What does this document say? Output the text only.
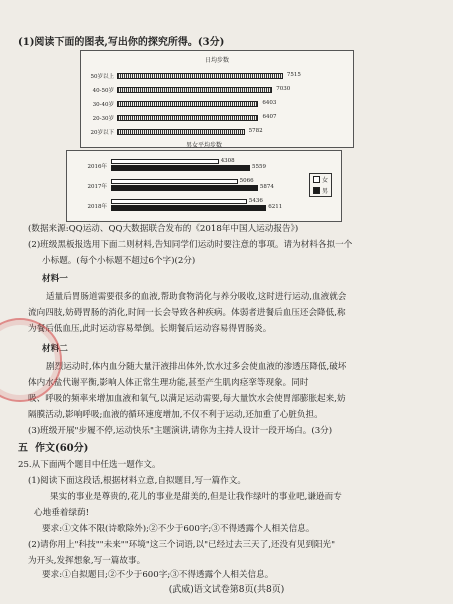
(1)阅读下面的图表,写出你的探究所得。(3分)
日均步数
50岁以上	7515
40-50岁	7030
30-40岁	6403
20-30岁	6407
20岁以下	5782
男女平均步数
2016年
4308
5559
2017年
5066
5874
2018年
5436
6211
女
男
(数据来源:QQ运动、QQ大数据联合发布的《2018年中国人运动报告》)
(2)班级黑板报选用下面二则材料,告知同学们运动时要注意的事项。请为材料各拟一个
小标题。(每个小标题不超过6个字)(2分)
材料一
适量后胃肠道需要很多的血液,帮助食物消化与养分吸收,这时进行运动,血液就会
流向四肢,妨碍胃肠的消化,时间一长会导致各种疾病。体弱者进餐后血压还会降低,称
为餐后低血压,此时运动容易晕倒。长期餐后运动容易得胃肠炎。
材料二
剧烈运动时,体内血分随大量汗液排出体外,饮水过多会使血液的渗透压降低,破坏
体内水盐代谢平衡,影响人体正常生理功能,甚至产生肌肉痉挛等现象。同时
吸、呼吸的频率来增加血液和氧气,以满足运动需要,每大量饮水会使胃部膨胀起来,妨
隔膜活动,影响呼吸;血液的循环速度增加,不仅不利于运动,还加重了心脏负担。
(3)班级开展"步履不停,运动快乐"主题演讲,请你为主持人设计一段开场白。(3分)
五 作文(60分)
25.从下面两个题目中任选一题作文。
(1)阅读下面这段话,根据材料立意,自拟题目,写一篇作文。
果实的事业是尊贵的,花儿的事业是甜美的,但是让我作绿叶的事业吧,谦逊而专
心地垂着绿荫!
要求:①文体不限(诗歌除外);②不少于600字;③不得透露个人相关信息。
(2)请你用上"科技""未来""环境"这三个词语,以"已经过去三天了,还没有见到阳光"
为开头,发挥想象,写一篇故事。
要求:①自拟题目;②不少于600字;③不得透露个人相关信息。
(武威)语文试卷第8页(共8页)
